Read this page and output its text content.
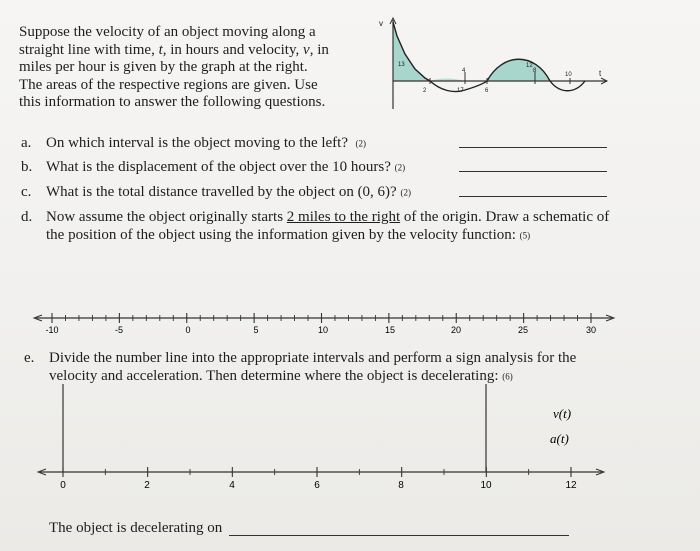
Suppose the velocity of an object moving along a
straight line with time, t, in hours and velocity, v, in
miles per hour is given by the graph at the right.
The areas of the respective regions are given. Use
this information to answer the following questions.
v
t
13
17
12
2
4
6
8
10
a. On which interval is the object moving to the left? (2)
b. What is the displacement of the object over the 10 hours? (2)
c. What is the total distance travelled by the object on (0, 6)? (2)
d. Now assume the object originally starts 2 miles to the right of the origin. Draw a schematic of
the position of the object using the information given by the velocity function: (5)
-10	-5	0	5	10	15	20	25	30
e. Divide the number line into the appropriate intervals and perform a sign analysis for the
velocity and acceleration. Then determine where the object is decelerating: (6)
0	2	4	6	8	10	12
v(t)
a(t)
The object is decelerating on
